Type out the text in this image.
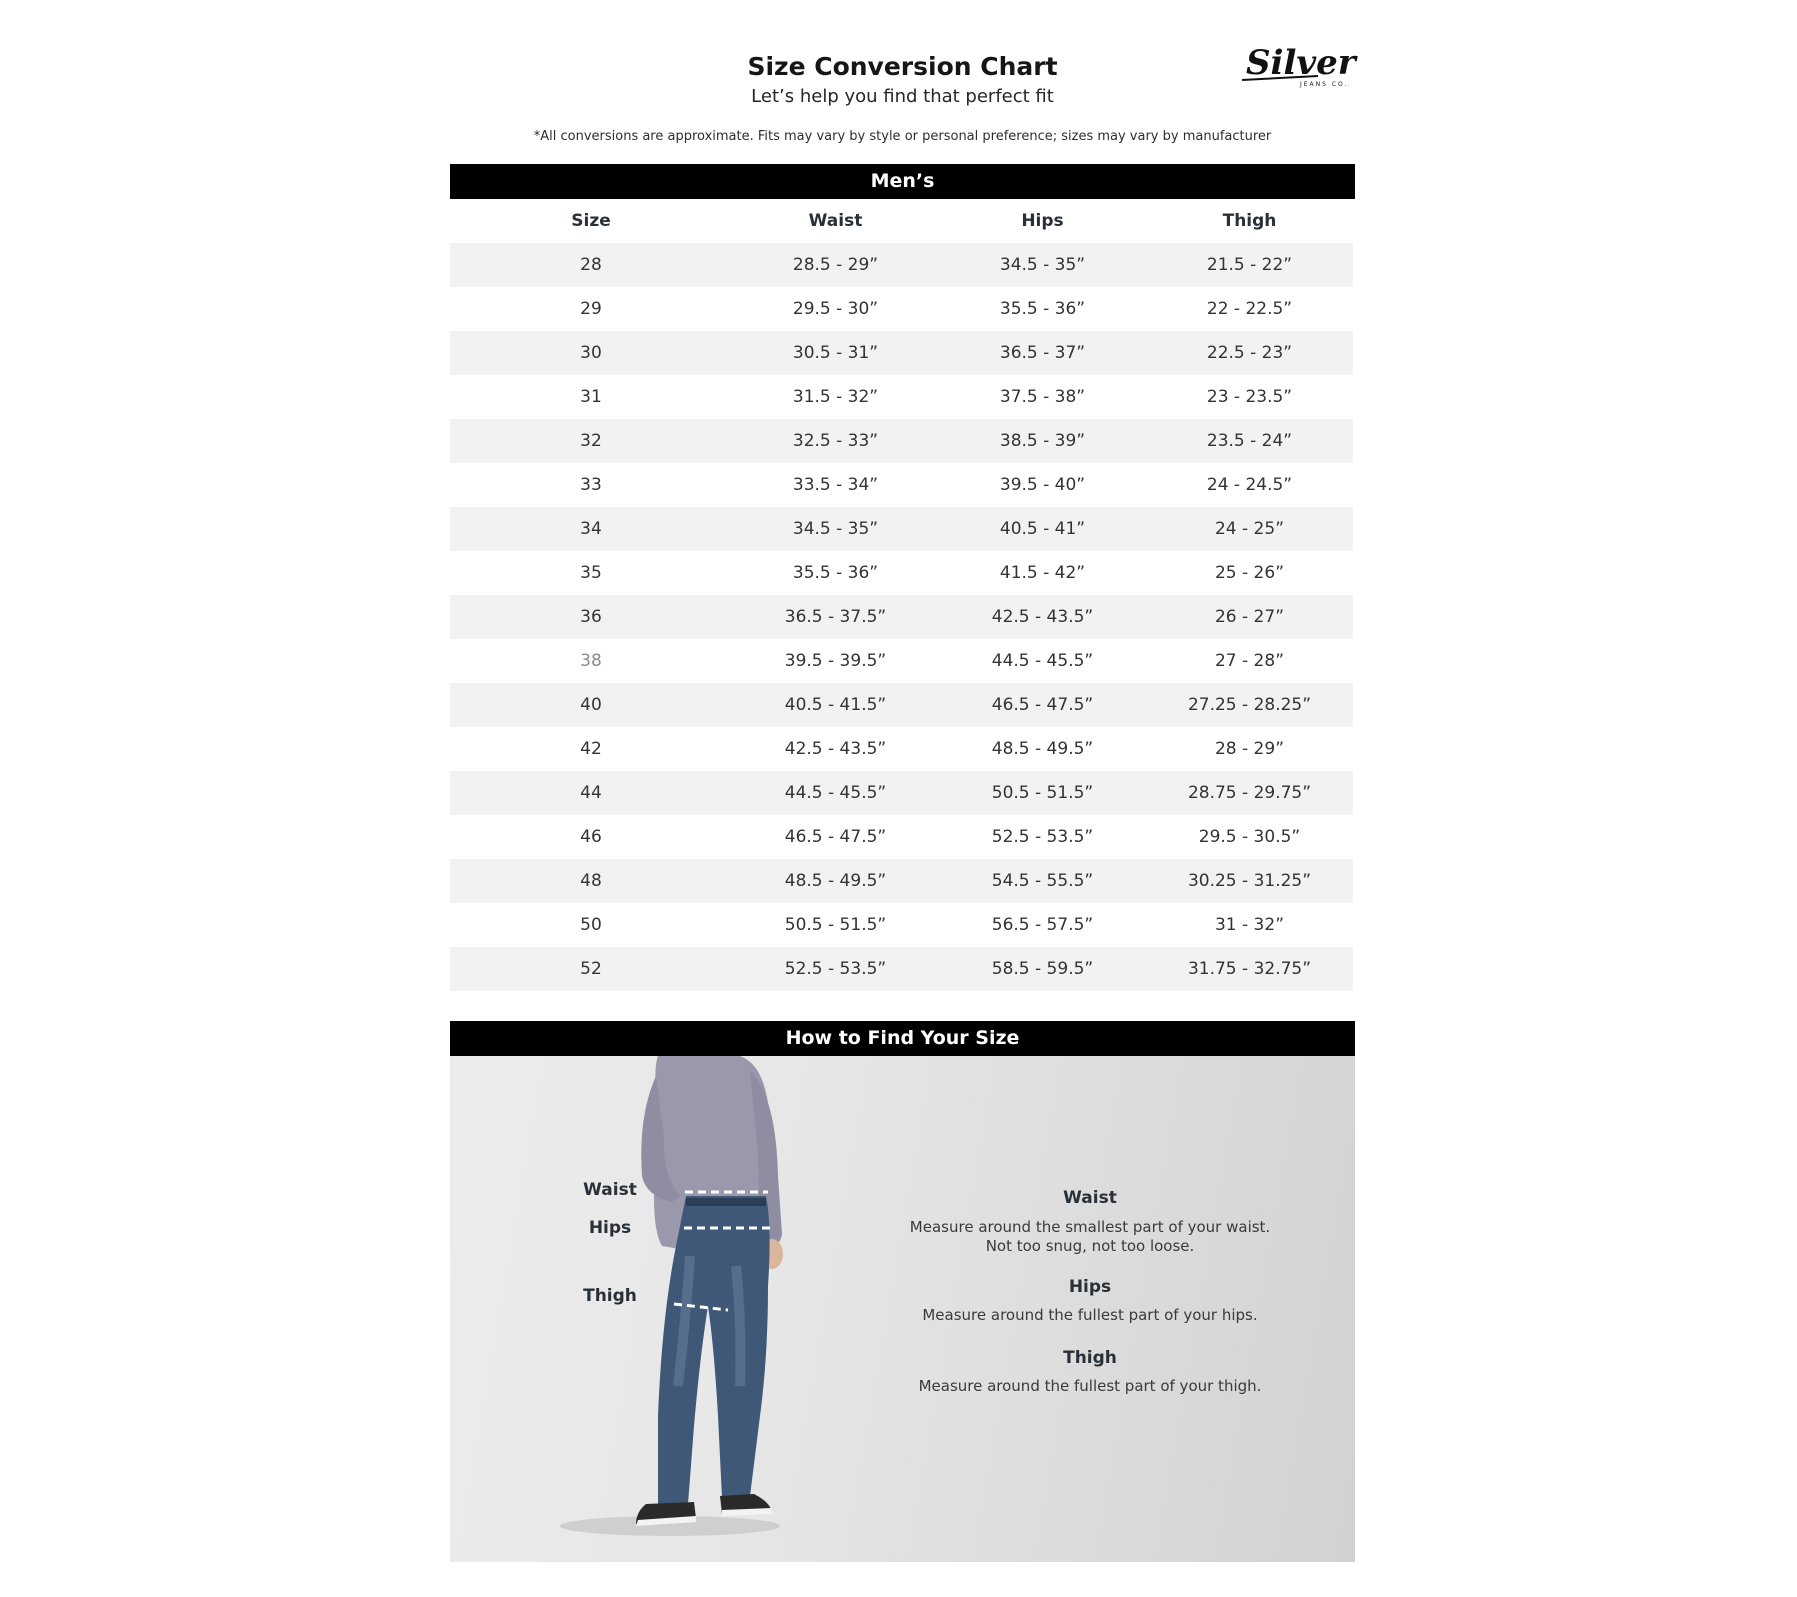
Size Conversion Chart
Let’s help you find that perfect fit
*All conversions are approximate. Fits may vary by style or personal preference; sizes may vary by manufacturer
Silver
JEANS CO.
Men’s
Size	Waist	Hips	Thigh
28	28.5 - 29”	34.5 - 35”	21.5 - 22”
29	29.5 - 30”	35.5 - 36”	22 - 22.5”
30	30.5 - 31”	36.5 - 37”	22.5 - 23”
31	31.5 - 32”	37.5 - 38”	23 - 23.5”
32	32.5 - 33”	38.5 - 39”	23.5 - 24”
33	33.5 - 34”	39.5 - 40”	24 - 24.5”
34	34.5 - 35”	40.5 - 41”	24 - 25”
35	35.5 - 36”	41.5 - 42”	25 - 26”
36	36.5 - 37.5”	42.5 - 43.5”	26 - 27”
38	39.5 - 39.5”	44.5 - 45.5”	27 - 28”
40	40.5 - 41.5”	46.5 - 47.5”	27.25 - 28.25”
42	42.5 - 43.5”	48.5 - 49.5”	28 - 29”
44	44.5 - 45.5”	50.5 - 51.5”	28.75 - 29.75”
46	46.5 - 47.5”	52.5 - 53.5”	29.5 - 30.5”
48	48.5 - 49.5”	54.5 - 55.5”	30.25 - 31.25”
50	50.5 - 51.5”	56.5 - 57.5”	31 - 32”
52	52.5 - 53.5”	58.5 - 59.5”	31.75 - 32.75”
How to Find Your Size
Waist
Hips
Thigh
Waist
Measure around the smallest part of your waist.
Not too snug, not too loose.
Hips
Measure around the fullest part of your hips.
Thigh
Measure around the fullest part of your thigh.
